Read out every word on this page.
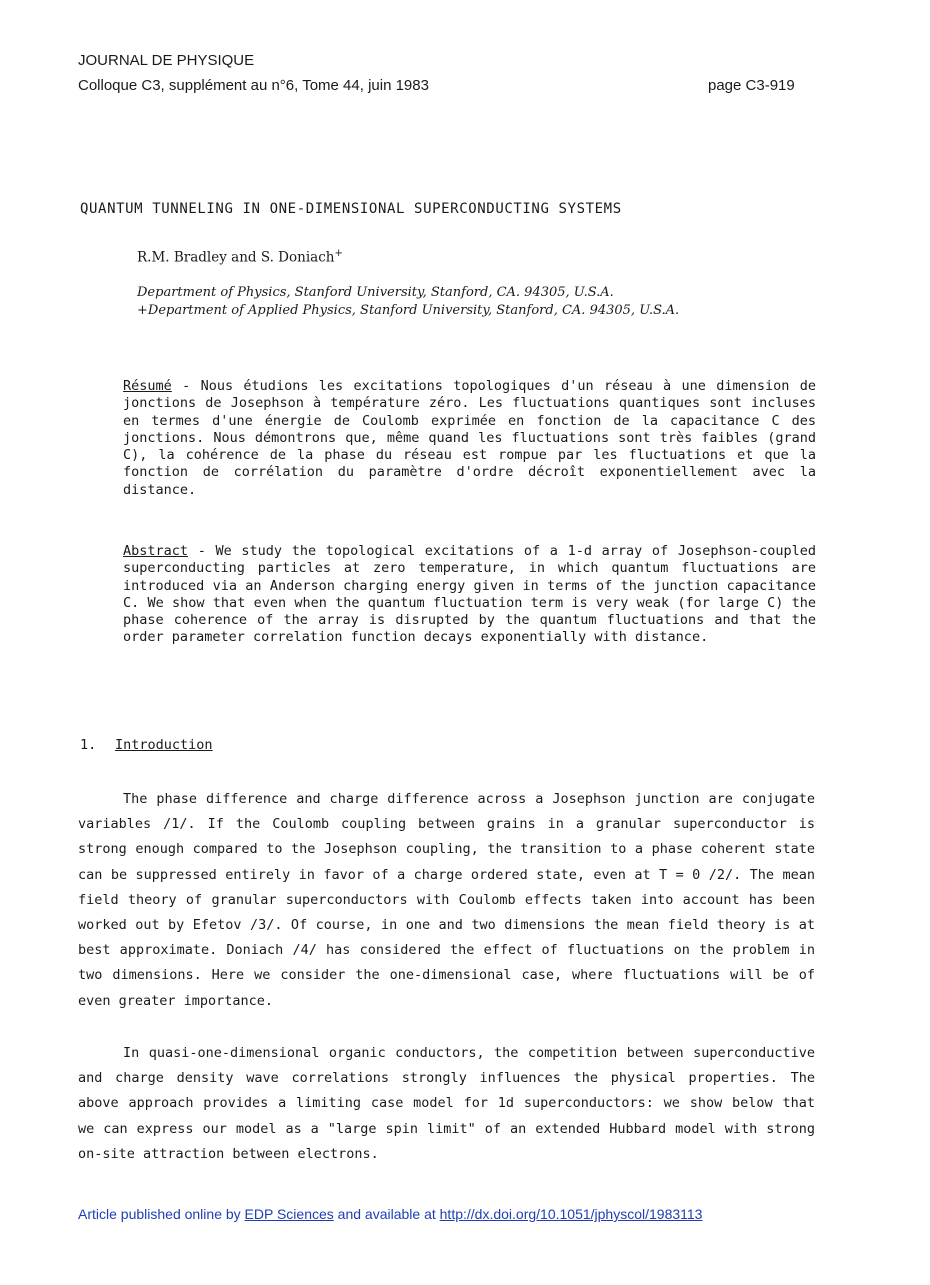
JOURNAL DE PHYSIQUE
Colloque C3, supplément au n°6, Tome 44, juin 1983	page C3-919
QUANTUM TUNNELING IN ONE-DIMENSIONAL SUPERCONDUCTING SYSTEMS
R.M. Bradley and S. Doniach+
Department of Physics, Stanford University, Stanford, CA. 94305, U.S.A.
+Department of Applied Physics, Stanford University, Stanford, CA. 94305, U.S.A.
Résumé - Nous étudions les excitations topologiques d'un réseau à une dimension de jonctions de Josephson à température zéro. Les fluctuations quantiques sont incluses en termes d'une énergie de Coulomb exprimée en fonction de la capacitance C des jonctions. Nous démontrons que, même quand les fluctuations sont très faibles (grand C), la cohérence de la phase du réseau est rompue par les fluctuations et que la fonction de corrélation du paramètre d'ordre décroît exponentiellement avec la distance.
Abstract - We study the topological excitations of a 1-d array of Josephson-coupled superconducting particles at zero temperature, in which quantum fluctuations are introduced via an Anderson charging energy given in terms of the junction capacitance C. We show that even when the quantum fluctuation term is very weak (for large C) the phase coherence of the array is disrupted by the quantum fluctuations and that the order parameter correlation function decays exponentially with distance.
1. Introduction

The phase difference and charge difference across a Josephson junction are conjugate variables /1/. If the Coulomb coupling between grains in a granular superconductor is strong enough compared to the Josephson coupling, the transition to a phase coherent state can be suppressed entirely in favor of a charge ordered state, even at T = 0 /2/. The mean field theory of granular superconductors with Coulomb effects taken into account has been worked out by Efetov /3/. Of course, in one and two dimensions the mean field theory is at best approximate. Doniach /4/ has considered the effect of fluctuations on the problem in two dimensions. Here we consider the one-dimensional case, where fluctuations will be of even greater importance.

In quasi-one-dimensional organic conductors, the competition between superconductive and charge density wave correlations strongly influences the physical properties. The above approach provides a limiting case model for 1d superconductors: we show below that we can express our model as a "large spin limit" of an extended Hubbard model with strong on-site attraction between electrons.

Article published online by EDP Sciences and available at http://dx.doi.org/10.1051/jphyscol/1983113
